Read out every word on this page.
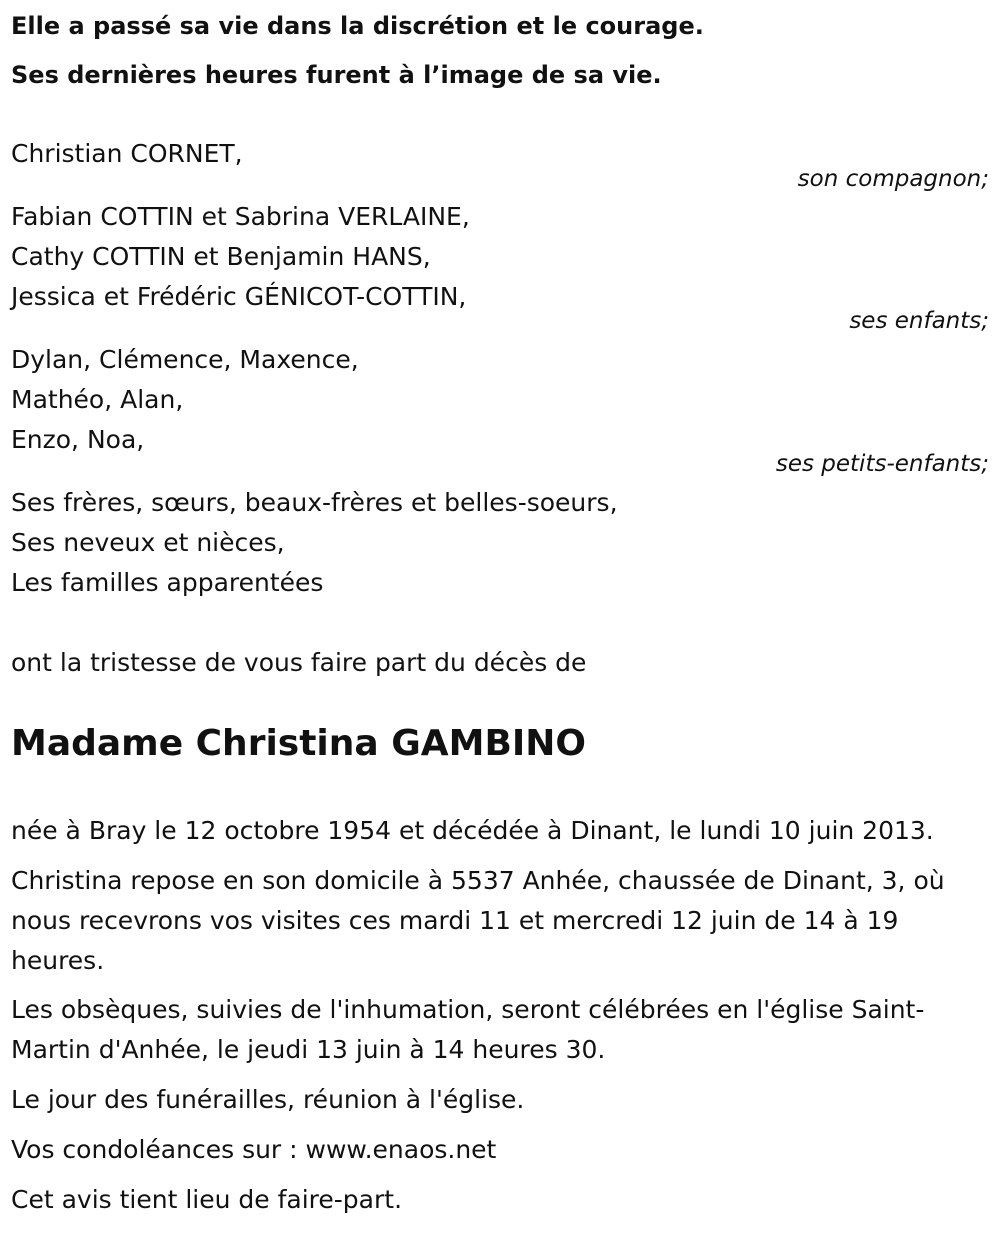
Elle a passé sa vie dans la discrétion et le courage.

Ses dernières heures furent à l’image de sa vie.

Christian CORNET,
son compagnon;
Fabian COTTIN et Sabrina VERLAINE,
Cathy COTTIN et Benjamin HANS,
Jessica et Frédéric GÉNICOT-COTTIN,
ses enfants;
Dylan, Clémence, Maxence,
Mathéo, Alan,
Enzo, Noa,
ses petits-enfants;
Ses frères, sœurs, beaux-frères et belles-soeurs,
Ses neveux et nièces,
Les familles apparentées
ont la tristesse de vous faire part du décès de
Madame Christina GAMBINO
née à Bray le 12 octobre 1954 et décédée à Dinant, le lundi 10 juin 2013.
Christina repose en son domicile à 5537 Anhée, chaussée de Dinant, 3, où nous recevrons vos visites ces mardi 11 et mercredi 12 juin de 14 à 19 heures.
Les obsèques, suivies de l'inhumation, seront célébrées en l'église Saint-Martin d'Anhée, le jeudi 13 juin à 14 heures 30.
Le jour des funérailles, réunion à l'église.
Vos condoléances sur : www.enaos.net
Cet avis tient lieu de faire-part.
